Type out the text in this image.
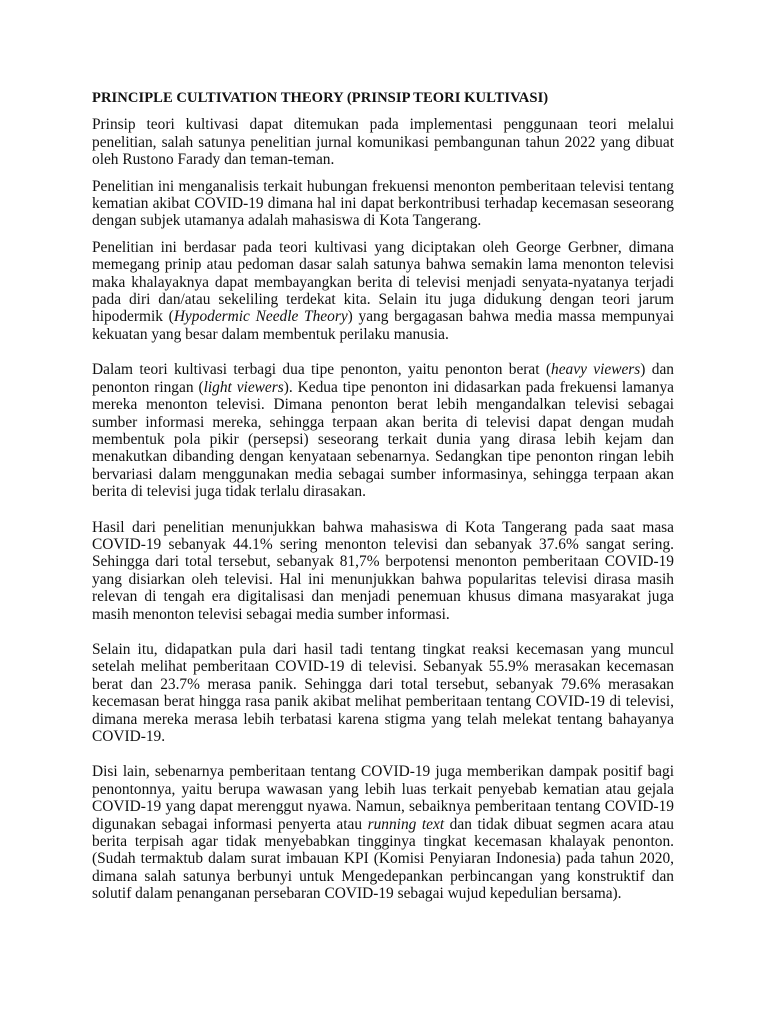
PRINCIPLE CULTIVATION THEORY (PRINSIP TEORI KULTIVASI)

Prinsip teori kultivasi dapat ditemukan pada implementasi penggunaan teori melalui penelitian, salah satunya penelitian jurnal komunikasi pembangunan tahun 2022 yang dibuat oleh Rustono Farady dan teman-teman.

Penelitian ini menganalisis terkait hubungan frekuensi menonton pemberitaan televisi tentang kematian akibat COVID-19 dimana hal ini dapat berkontribusi terhadap kecemasan seseorang dengan subjek utamanya adalah mahasiswa di Kota Tangerang.

Penelitian ini berdasar pada teori kultivasi yang diciptakan oleh George Gerbner, dimana memegang prinip atau pedoman dasar salah satunya bahwa semakin lama menonton televisi maka khalayaknya dapat membayangkan berita di televisi menjadi senyata-nyatanya terjadi pada diri dan/atau sekeliling terdekat kita. Selain itu juga didukung dengan teori jarum hipodermik (Hypodermic Needle Theory) yang bergagasan bahwa media massa mempunyai kekuatan yang besar dalam membentuk perilaku manusia.

Dalam teori kultivasi terbagi dua tipe penonton, yaitu penonton berat (heavy viewers) dan penonton ringan (light viewers). Kedua tipe penonton ini didasarkan pada frekuensi lamanya mereka menonton televisi. Dimana penonton berat lebih mengandalkan televisi sebagai sumber informasi mereka, sehingga terpaan akan berita di televisi dapat dengan mudah membentuk pola pikir (persepsi) seseorang terkait dunia yang dirasa lebih kejam dan menakutkan dibanding dengan kenyataan sebenarnya. Sedangkan tipe penonton ringan lebih bervariasi dalam menggunakan media sebagai sumber informasinya, sehingga terpaan akan berita di televisi juga tidak terlalu dirasakan.

Hasil dari penelitian menunjukkan bahwa mahasiswa di Kota Tangerang pada saat masa COVID-19 sebanyak 44.1% sering menonton televisi dan sebanyak 37.6% sangat sering. Sehingga dari total tersebut, sebanyak 81,7% berpotensi menonton pemberitaan COVID-19 yang disiarkan oleh televisi. Hal ini menunjukkan bahwa popularitas televisi dirasa masih relevan di tengah era digitalisasi dan menjadi penemuan khusus dimana masyarakat juga masih menonton televisi sebagai media sumber informasi.

Selain itu, didapatkan pula dari hasil tadi tentang tingkat reaksi kecemasan yang muncul setelah melihat pemberitaan COVID-19 di televisi. Sebanyak 55.9% merasakan kecemasan berat dan 23.7% merasa panik. Sehingga dari total tersebut, sebanyak 79.6% merasakan kecemasan berat hingga rasa panik akibat melihat pemberitaan tentang COVID-19 di televisi, dimana mereka merasa lebih terbatasi karena stigma yang telah melekat tentang bahayanya COVID-19.

Disi lain, sebenarnya pemberitaan tentang COVID-19 juga memberikan dampak positif bagi penontonnya, yaitu berupa wawasan yang lebih luas terkait penyebab kematian atau gejala COVID-19 yang dapat merenggut nyawa. Namun, sebaiknya pemberitaan tentang COVID-19 digunakan sebagai informasi penyerta atau running text dan tidak dibuat segmen acara atau berita terpisah agar tidak menyebabkan tingginya tingkat kecemasan khalayak penonton. (Sudah termaktub dalam surat imbauan KPI (Komisi Penyiaran Indonesia) pada tahun 2020, dimana salah satunya berbunyi untuk Mengedepankan perbincangan yang konstruktif dan solutif dalam penanganan persebaran COVID-19 sebagai wujud kepedulian bersama).
